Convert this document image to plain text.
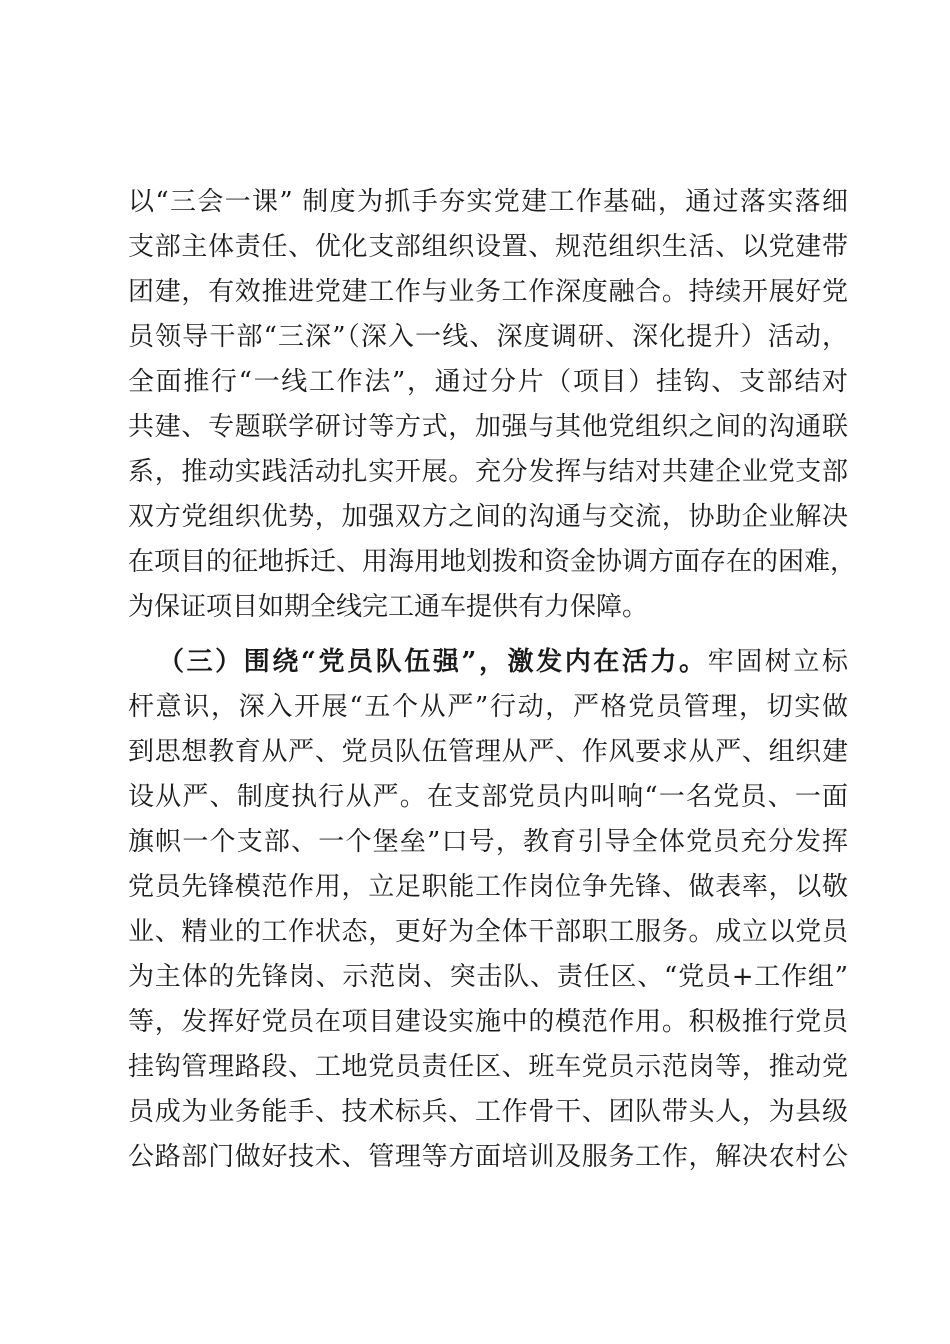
以“三会一课” 制度为抓手夯实党建工作基础，通过落实落细
支部主体责任、优化支部组织设置、规范组织生活、以党建带
团建，有效推进党建工作与业务工作深度融合。持续开展好党
员领导干部“三深”（深入一线、深度调研、深化提升）活动，
全面推行“一线工作法”，通过分片（项目）挂钩、支部结对
共建、专题联学研讨等方式，加强与其他党组织之间的沟通联
系，推动实践活动扎实开展。充分发挥与结对共建企业党支部
双方党组织优势，加强双方之间的沟通与交流，协助企业解决
在项目的征地拆迁、用海用地划拨和资金协调方面存在的困难，
为保证项目如期全线完工通车提供有力保障。
（三）围绕“党员队伍强”，激发内在活力。牢固树立标
杆意识，深入开展“五个从严”行动，严格党员管理，切实做
到思想教育从严、党员队伍管理从严、作风要求从严、组织建
设从严、制度执行从严。在支部党员内叫响“一名党员、一面
旗帜一个支部、一个堡垒”口号，教育引导全体党员充分发挥
党员先锋模范作用，立足职能工作岗位争先锋、做表率，以敬
业、精业的工作状态，更好为全体干部职工服务。成立以党员
为主体的先锋岗、示范岗、突击队、责任区、“党员+工作组”
等，发挥好党员在项目建设实施中的模范作用。积极推行党员
挂钩管理路段、工地党员责任区、班车党员示范岗等，推动党
员成为业务能手、技术标兵、工作骨干、团队带头人，为县级
公路部门做好技术、管理等方面培训及服务工作，解决农村公
